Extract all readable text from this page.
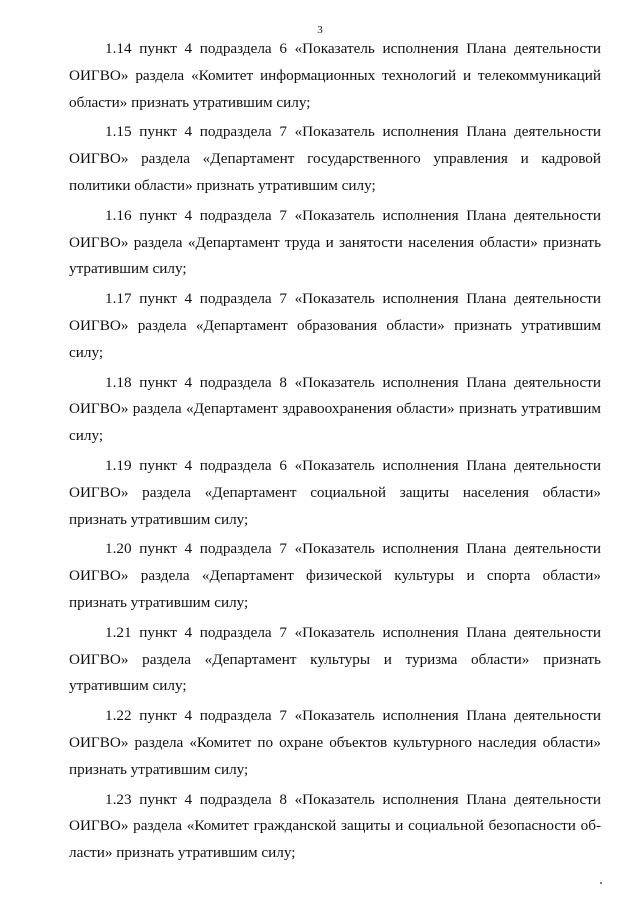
3

1.14 пункт 4 подраздела 6 «Показатель исполнения Плана деятельности ОИГВО» раздела «Комитет информационных технологий и телекоммуникаций области» признать утратившим силу;

1.15 пункт 4 подраздела 7 «Показатель исполнения Плана деятельности ОИГВО» раздела «Департамент государственного управления и кадровой политики области» признать утратившим силу;

1.16 пункт 4 подраздела 7 «Показатель исполнения Плана деятельности ОИГВО» раздела «Департамент труда и занятости населения области» признать утратившим силу;

1.17 пункт 4 подраздела 7 «Показатель исполнения Плана деятельности ОИГВО» раздела «Департамент образования области» признать утратившим силу;

1.18 пункт 4 подраздела 8 «Показатель исполнения Плана деятельности ОИГВО» раздела «Департамент здравоохранения области» признать утратившим силу;

1.19 пункт 4 подраздела 6 «Показатель исполнения Плана деятельности ОИГВО» раздела «Департамент социальной защиты населения области» признать утратившим силу;

1.20 пункт 4 подраздела 7 «Показатель исполнения Плана деятельности ОИГВО» раздела «Департамент физической культуры и спорта области» признать утратившим силу;

1.21 пункт 4 подраздела 7 «Показатель исполнения Плана деятельности ОИГВО» раздела «Департамент культуры и туризма области» признать утратившим силу;

1.22 пункт 4 подраздела 7 «Показатель исполнения Плана деятельности ОИГВО» раздела «Комитет по охране объектов культурного наследия области» признать утратившим силу;

1.23 пункт 4 подраздела 8 «Показатель исполнения Плана деятельности ОИГВО» раздела «Комитет гражданской защиты и социальной безопасности об-ласти» признать утратившим силу;
